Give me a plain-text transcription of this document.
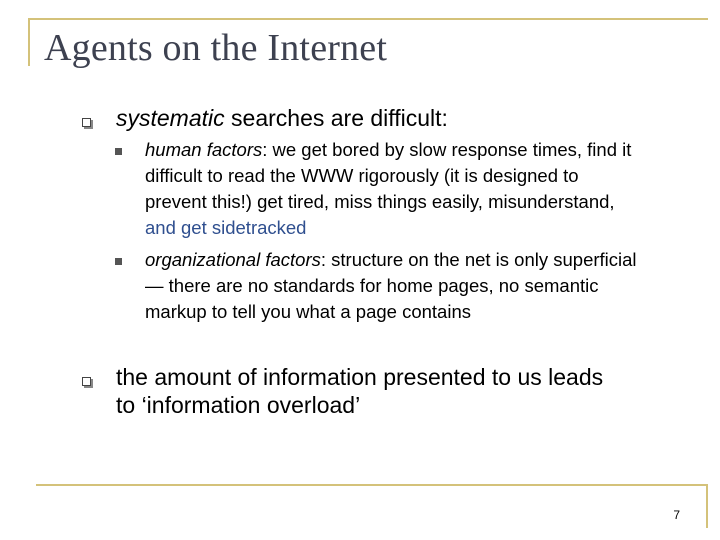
Agents on the Internet
systematic searches are difficult:
human factors: we get bored by slow response times, find it difficult to read the WWW rigorously (it is designed to prevent this!) get tired, miss things easily, misunderstand, and get sidetracked
organizational factors: structure on the net is only superficial — there are no standards for home pages, no semantic markup to tell you what a page contains
the amount of information presented to us leads to ‘information overload’
7
